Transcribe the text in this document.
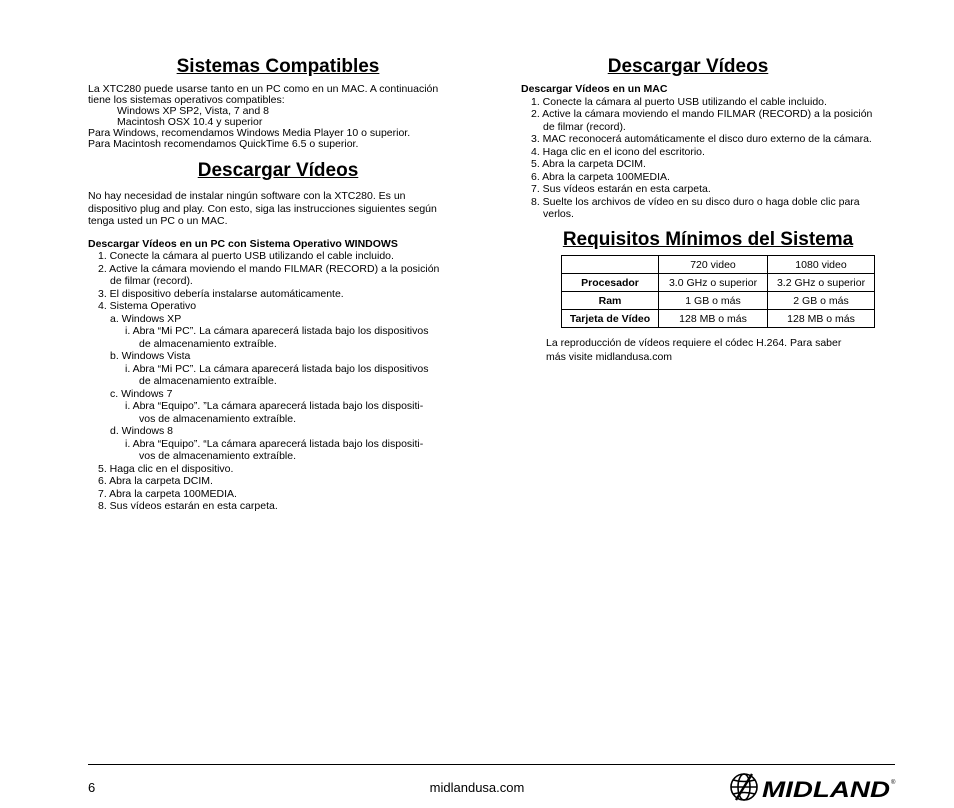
Sistemas Compatibles

La XTC280 puede usarse tanto en un PC como en un MAC. A continuación

tiene los sistemas operativos compatibles:

Windows XP SP2, Vista, 7 and 8

Macintosh OSX 10.4 y superior

Para Windows, recomendamos Windows Media Player 10 o superior.

Para Macintosh recomendamos QuickTime 6.5 o superior.

Descargar Vídeos

No hay necesidad de instalar ningún software con la XTC280. Es un

dispositivo plug and play. Con esto, siga las instrucciones siguientes según

tenga usted un PC o un MAC.

Descargar Vídeos en un PC con Sistema Operativo WINDOWS

1. Conecte la cámara al puerto USB utilizando el cable incluido.

2. Active la cámara moviendo el mando FILMAR (RECORD) a la posición

de filmar (record).

3. El dispositivo debería instalarse automáticamente.

4. Sistema Operativo

a. Windows XP

i. Abra “Mi PC”. La cámara aparecerá listada bajo los dispositivos

de almacenamiento extraíble.

b. Windows Vista

i. Abra “Mi PC”. La cámara aparecerá listada bajo los dispositivos

de almacenamiento extraíble.

c. Windows 7

i. Abra “Equipo”. ”La cámara aparecerá listada bajo los dispositi-

vos de almacenamiento extraíble.

d. Windows 8

i. Abra “Equipo”. “La cámara aparecerá listada bajo los dispositi-

vos de almacenamiento extraíble.

5. Haga clic en el dispositivo.

6. Abra la carpeta DCIM.

7. Abra la carpeta 100MEDIA.

8. Sus vídeos estarán en esta carpeta.

Descargar Vídeos

Descargar Vídeos en un MAC

1. Conecte la cámara al puerto USB utilizando el cable incluido.

2. Active la cámara moviendo el mando FILMAR (RECORD) a la posición

de filmar (record).

3. MAC reconocerá automáticamente el disco duro externo de la cámara.

4. Haga clic en el icono del escritorio.

5. Abra la carpeta DCIM.

6. Abra la carpeta 100MEDIA.

7. Sus vídeos estarán en esta carpeta.

8. Suelte los archivos de vídeo en su disco duro o haga doble clic para

verlos.

Requisitos Mínimos del Sistema
	720 video	1080 video
Procesador	3.0 GHz o superior	3.2 GHz o superior
Ram	1 GB o más	2 GB o más
Tarjeta de Vídeo	128 MB o más	128 MB o más

La reproducción de vídeos requiere el códec H.264. Para saber

más visite midlandusa.com

6	midlandusa.com	MIDLAND ®
